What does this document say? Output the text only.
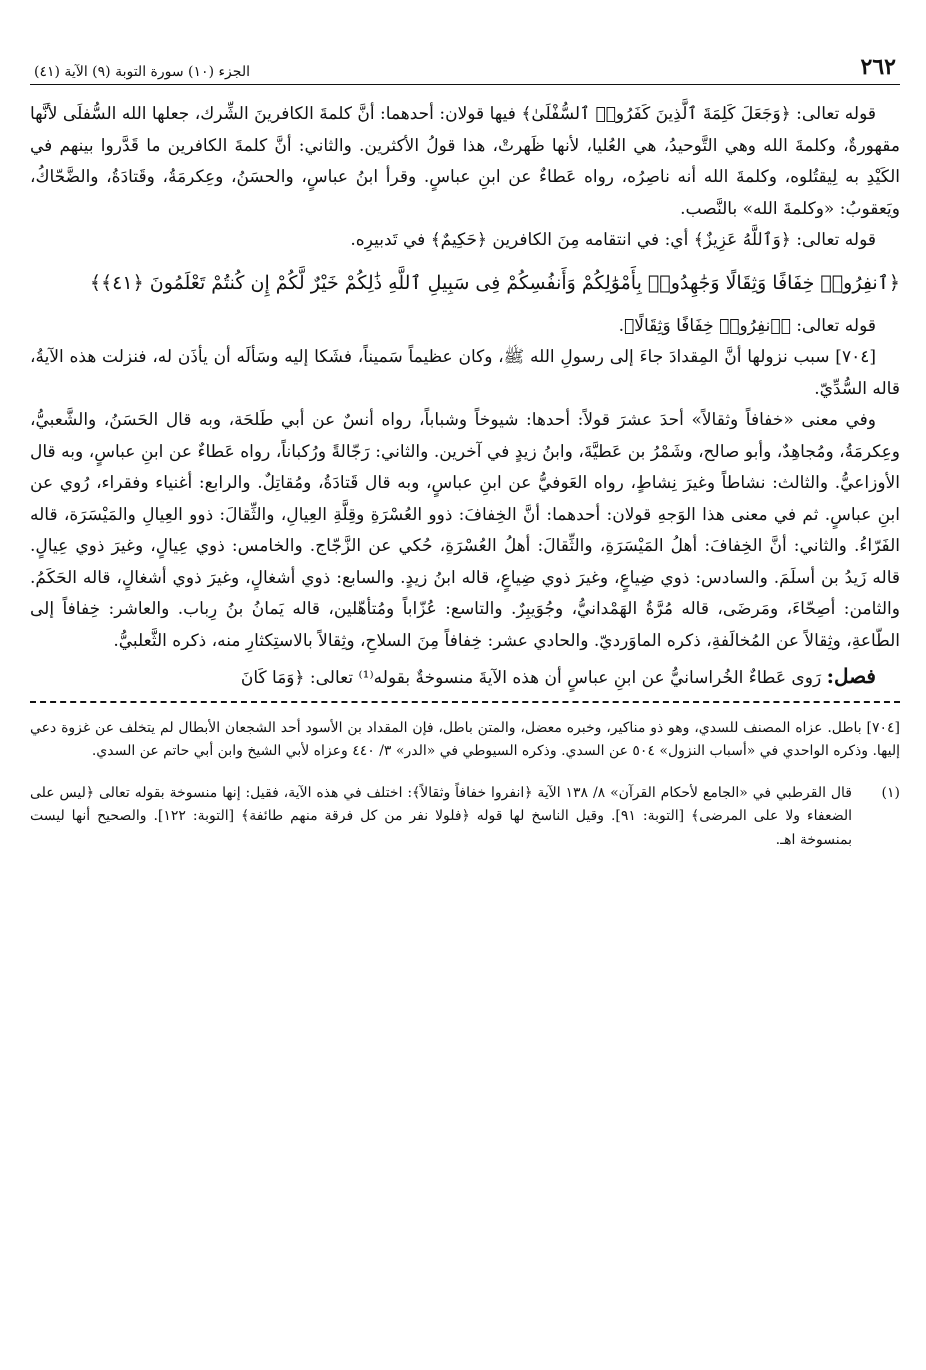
٢٦٢
الجزء (١٠) سورة التوبة (٩) الآية (٤١)

قوله تعالى: ﴿وَجَعَلَ كَلِمَةَ ٱلَّذِينَ كَفَرُوا۟ ٱلسُّفْلَىٰ﴾ فيها قولان: أحدهما: أنَّ كلمةَ الكافرينَ الشِّرك، جعلها الله السُّفلَى لأنَّها مقهورةٌ، وكلمةَ الله وهي التَّوحيدُ، هي العُليا، لأنها ظَهرتْ، هذا قولُ الأكثرين. والثاني: أنَّ كلمةَ الكافرين ما قَدَّروا بينهم في الكَيْدِ به لِيقتُلوه، وكلمةَ الله أنه ناصِرُه، رواه عَطاءٌ عن ابنِ عباسٍ. وقرأ ابنُ عباسٍ، والحسَنُ، وعِكرمَةُ، وقَتادَةُ، والضَّحّاكُ، ويَعقوبُ: «وكلمةَ الله» بالنَّصب.

قوله تعالى: ﴿وَٱللَّهُ عَزِيزٌ﴾ أي: في انتقامه مِنَ الكافرين ﴿حَكِيمٌ﴾ في تَدبيرِه.

﴿ٱنفِرُوا۟ خِفَافًا وَثِقَالًا وَجَٰهِدُوا۟ بِأَمْوَٰلِكُمْ وَأَنفُسِكُمْ فِى سَبِيلِ ٱللَّهِ ذَٰلِكُمْ خَيْرٌ لَّكُمْ إِن كُنتُمْ تَعْلَمُونَ ﴿٤١﴾﴾

قوله تعالى: ﴿ٱنفِرُوا۟ خِفَافًا وَثِقَالًا﴾.

[٧٠٤] سبب نزولها أنَّ المِقدادَ جاءَ إلى رسولِ الله ﷺ، وكان عظيماً سَميناً، فشَكا إليه وسَألَه أن يأذَن له، فنزلت هذه الآيةُ، قاله السُّدِّيّ.

وفي معنى «خفافاً وثقالاً» أحدَ عشرَ قولاً: أحدها: شيوخاً وشباباً، رواه أنسٌ عن أبي طَلحَة، وبه قال الحَسَنُ، والشَّعبيُّ، وعِكرمَةُ، ومُجاهِدٌ، وأبو صالح، وشَمْرُ بن عَطيَّةَ، وابنُ زيدٍ في آخرين. والثاني: رَجّالةً ورُكباناً، رواه عَطاءٌ عن ابنِ عباسٍ، وبه قال الأوزاعيُّ. والثالث: نشاطاً وغيرَ نِشاطٍ، رواه العَوفيُّ عن ابنِ عباسٍ، وبه قال قَتادَةُ، ومُقاتِلٌ. والرابع: أغنياء وفقراء، رُوي عن ابنِ عباسٍ. ثم في معنى هذا الوَجهِ قولان: أحدهما: أنَّ الخِفافَ: ذوو العُسْرَةِ وقِلَّةِ العِيالِ، والثِّقالَ: ذوو العِيالِ والمَيْسَرَة، قاله الفَرّاءُ. والثاني: أنَّ الخِفافَ: أهلُ المَيْسَرَةِ، والثِّقالَ: أهلُ العُسْرَةِ، حُكي عن الزَّجّاج. والخامس: ذوي عِيالٍ، وغيرَ ذوي عِيالٍ. قاله زَيدُ بن أسلَمَ. والسادس: ذوي ضِياعٍ، وغيرَ ذوي ضِياعٍ، قاله ابنُ زيدٍ. والسابع: ذوي أشغالٍ، وغيرَ ذوي أشغالٍ، قاله الحَكَمُ. والثامن: أصِحّاءَ، ومَرضَى، قاله مُرَّةُ الهَمْدانيُّ، وجُوَيبِرٌ. والتاسع: عُزّاباً ومُتأهّلين، قاله يَمانُ بنُ رِباب. والعاشر: خِفافاً إلى الطّاعةِ، وثِقالاً عن المُخالَفةِ، ذكره الماوَرديّ. والحادي عشر: خِفافاً مِنَ السلاحِ، وثِقالاً بالاستِكثارِ منه، ذكره الثَّعلبيُّ.

فصل: رَوى عَطاءٌ الخُراسانيُّ عن ابنِ عباسٍ أن هذه الآيةَ منسوخةٌ بقوله⁽¹⁾ تعالى: ﴿وَمَا كَانَ

[٧٠٤] باطل. عزاه المصنف للسدي، وهو ذو مناكير، وخبره معضل، والمتن باطل، فإن المقداد بن الأسود أحد الشجعان الأبطال لم يتخلف عن غزوة دعي إليها. وذكره الواحدي في «أسباب النزول» ٥٠٤ عن السدي. وذكره السيوطي في «الدر» ٣/ ٤٤٠ وعزاه لأبي الشيخ وابن أبي حاتم عن السدي.

(١)

قال القرطبي في «الجامع لأحكام القرآن» ٨/ ١٣٨ الآية ﴿انفروا خفافاً وثقالاً﴾: اختلف في هذه الآية، فقيل: إنها منسوخة بقوله تعالى ﴿ليس على الضعفاء ولا على المرضى﴾ [التوبة: ٩١]. وقيل الناسخ لها قوله ﴿فلولا نفر من كل فرقة منهم طائفة﴾ [التوبة: ١٢٢]. والصحيح أنها ليست بمنسوخة اهـ.
